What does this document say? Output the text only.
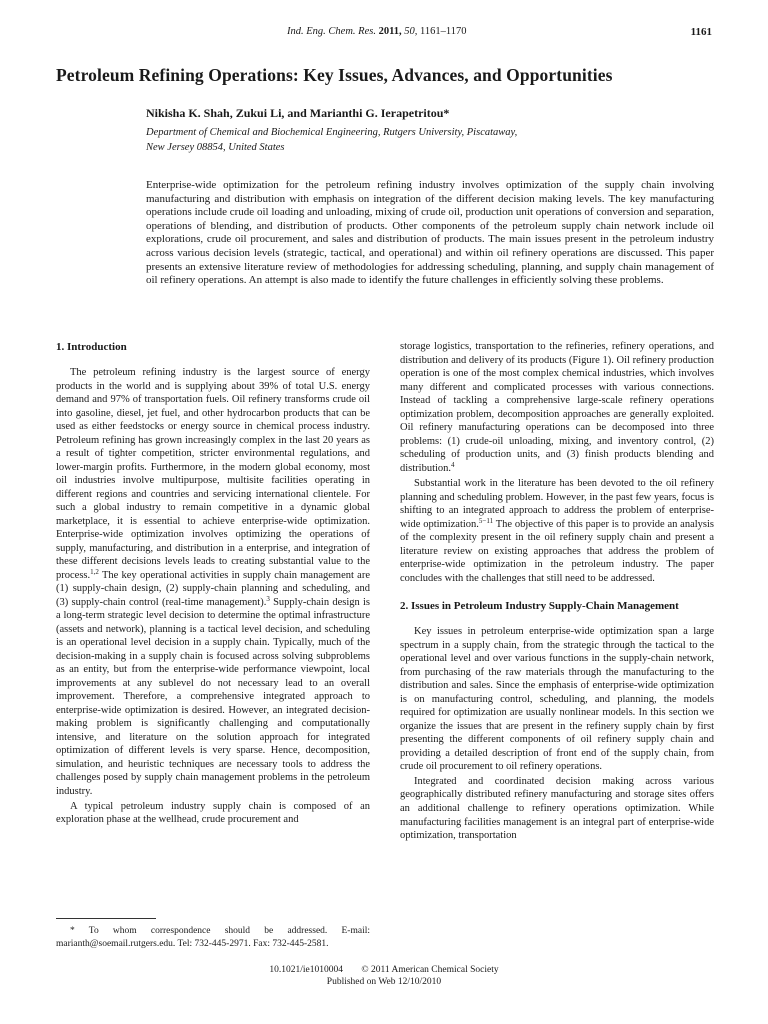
Ind. Eng. Chem. Res. 2011, 50, 1161–1170	1161
Petroleum Refining Operations: Key Issues, Advances, and Opportunities
Nikisha K. Shah, Zukui Li, and Marianthi G. Ierapetritou*
Department of Chemical and Biochemical Engineering, Rutgers University, Piscataway,
New Jersey 08854, United States
Enterprise-wide optimization for the petroleum refining industry involves optimization of the supply chain involving manufacturing and distribution with emphasis on integration of the different decision making levels. The key manufacturing operations include crude oil loading and unloading, mixing of crude oil, production unit operations of conversion and separation, operations of blending, and distribution of products. Other components of the petroleum supply chain network include oil explorations, crude oil procurement, and sales and distribution of products. The main issues present in the petroleum industry across various decision levels (strategic, tactical, and operational) and within oil refinery operations are discussed. This paper presents an extensive literature review of methodologies for addressing scheduling, planning, and supply chain management of oil refinery operations. An attempt is also made to identify the future challenges in efficiently solving these problems.
1. Introduction

The petroleum refining industry is the largest source of energy products in the world and is supplying about 39% of total U.S. energy demand and 97% of transportation fuels. Oil refinery transforms crude oil into gasoline, diesel, jet fuel, and other hydrocarbon products that can be used as either feedstocks or energy source in chemical process industry. Petroleum refining has grown increasingly complex in the last 20 years as a result of tighter competition, stricter environmental regulations, and lower-margin profits. Furthermore, in the modern global economy, most oil industries involve multipurpose, multisite facilities operating in different regions and countries and servicing international clientele. For such a global industry to remain competitive in a dynamic global marketplace, it is essential to achieve enterprise-wide optimization. Enterprise-wide optimization involves optimizing the operations of supply, manufacturing, and distribution in a enterprise, and integration of these different decisions levels leads to creating substantial value to the process.$^{1,2}$ The key operational activities in supply chain management are (1) supply-chain design, (2) supply-chain planning and scheduling, and (3) supply-chain control (real-time management).$^3$ Supply-chain design is a long-term strategic level decision to determine the optimal infrastructure (assets and network), planning is a tactical level decision, and scheduling is an operational level decision in a supply chain. Typically, much of the decision-making in a supply chain is focused across solving subproblems as an entity, but from the enterprise-wide performance viewpoint, local improvements at any sublevel do not necessary lead to an overall improvement. Therefore, a comprehensive integrated approach to enterprise-wide optimization is desired. However, an integrated decision-making problem is significantly challenging and computationally intensive, and literature on the solution approach for integrated optimization of different levels is very sparse. Hence, decomposition, simulation, and heuristic techniques are necessary tools to address the challenges posed by supply chain management problems in the petroleum industry.

A typical petroleum industry supply chain is composed of an exploration phase at the wellhead, crude procurement and

storage logistics, transportation to the refineries, refinery operations, and distribution and delivery of its products (Figure 1). Oil refinery production operation is one of the most complex chemical industries, which involves many different and complicated processes with various connections. Instead of tackling a comprehensive large-scale refinery operations optimization problem, decomposition approaches are generally exploited. Oil refinery manufacturing operations can be decomposed into three problems: (1) crude-oil unloading, mixing, and inventory control, (2) scheduling of production units, and (3) finish products blending and distribution.$^4$

Substantial work in the literature has been devoted to the oil refinery planning and scheduling problem. However, in the past few years, focus is shifting to an integrated approach to address the problem of enterprise-wide optimization.$^{5-11}$ The objective of this paper is to provide an analysis of the complexity present in the oil refinery supply chain and present a literature review on existing approaches that address the problem of enterprise-wide optimization in the petroleum industry. The paper concludes with the challenges that still need to be addressed.

2. Issues in Petroleum Industry Supply-Chain Management

Key issues in petroleum enterprise-wide optimization span a large spectrum in a supply chain, from the strategic through the tactical to the operational level and over various functions in the supply-chain network, from purchasing of the raw materials through the manufacturing to the distribution and sales. Since the emphasis of enterprise-wide optimization is on manufacturing control, scheduling, and planning, the models required for optimization are usually nonlinear models. In this section we organize the issues that are present in the refinery supply chain by first presenting the different components of oil refinery supply chain and providing a detailed description of front end of the supply chain, from crude oil procurement to oil refinery operations.

Integrated and coordinated decision making across various geographically distributed refinery manufacturing and storage sites offers an additional challenge to refinery operations optimization. While manufacturing facilities management is an integral part of enterprise-wide optimization, transportation

* To whom correspondence should be addressed. E-mail: marianth@soemail.rutgers.edu. Tel: 732-445-2971. Fax: 732-445-2581.
10.1021/ie1010004 © 2011 American Chemical Society
Published on Web 12/10/2010
